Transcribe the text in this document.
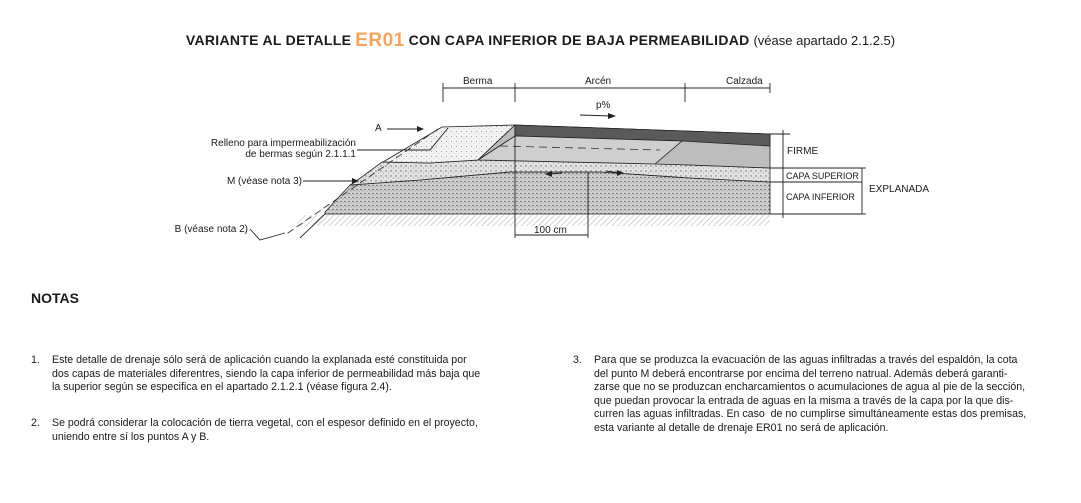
VARIANTE AL DETALLE ER01 CON CAPA INFERIOR DE BAJA PERMEABILIDAD (véase apartado 2.1.2.5)
Berma	Arcén	Calzada
p%
FIRME
CAPA SUPERIOR
CAPA INFERIOR
EXPLANADA
A
Relleno para impermeabilización
de bermas según 2.1.1.1
M (véase nota 3)
B (véase nota 2)	100 cm
NOTAS
1. Este detalle de drenaje sólo será de aplicación cuando la explanada esté constituida por
dos capas de materiales diferentres, siendo la capa inferior de permeabilidad más baja que
la superior según se especifica en el apartado 2.1.2.1 (véase figura 2.4).
2. Se podrá considerar la colocación de tierra vegetal, con el espesor definido en el proyecto,
uniendo entre sí los puntos A y B.
3. Para que se produzca la evacuación de las aguas infiltradas a través del espaldón, la cota
del punto M deberá encontrarse por encima del terreno natrual. Además deberá garanti-
zarse que no se produzcan encharcamientos o acumulaciones de agua al pie de la sección,
que puedan provocar la entrada de aguas en la misma a través de la capa por la que dis-
curren las aguas infiltradas. En caso  de no cumplirse simultáneamente estas dos premisas,
esta variante al detalle de drenaje ER01 no será de aplicación.
